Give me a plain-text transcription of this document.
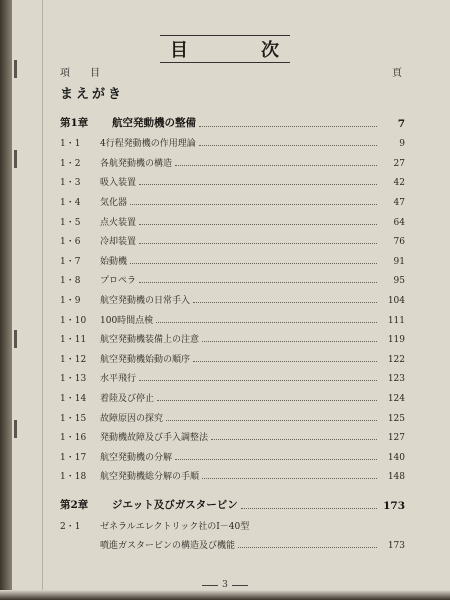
目	次
項　　目	頁
まえがき
第1章	航空発動機の整備	7
1・1	4行程発動機の作用理論	9
1・2	各航発動機の構造	27
1・3	吸入装置	42
1・4	気化器	47
1・5	点火装置	64
1・6	冷却装置	76
1・7	始動機	91
1・8	プロペラ	95
1・9	航空発動機の日常手入	104
1・10	100時間点検	111
1・11	航空発動機装備上の注意	119
1・12	航空発動機始動の順序	122
1・13	水平飛行	123
1・14	着陸及び停止	124
1・15	故障原因の探究	125
1・16	発動機故障及び手入調整法	127
1・17	航空発動機の分解	140
1・18	航空発動機総分解の手順	148
第2章	ジエット及びガスタービン	173
2・1	ゼネラルエレクトリック社のI－40型
噴進ガスタービンの構造及び機能	173
3
